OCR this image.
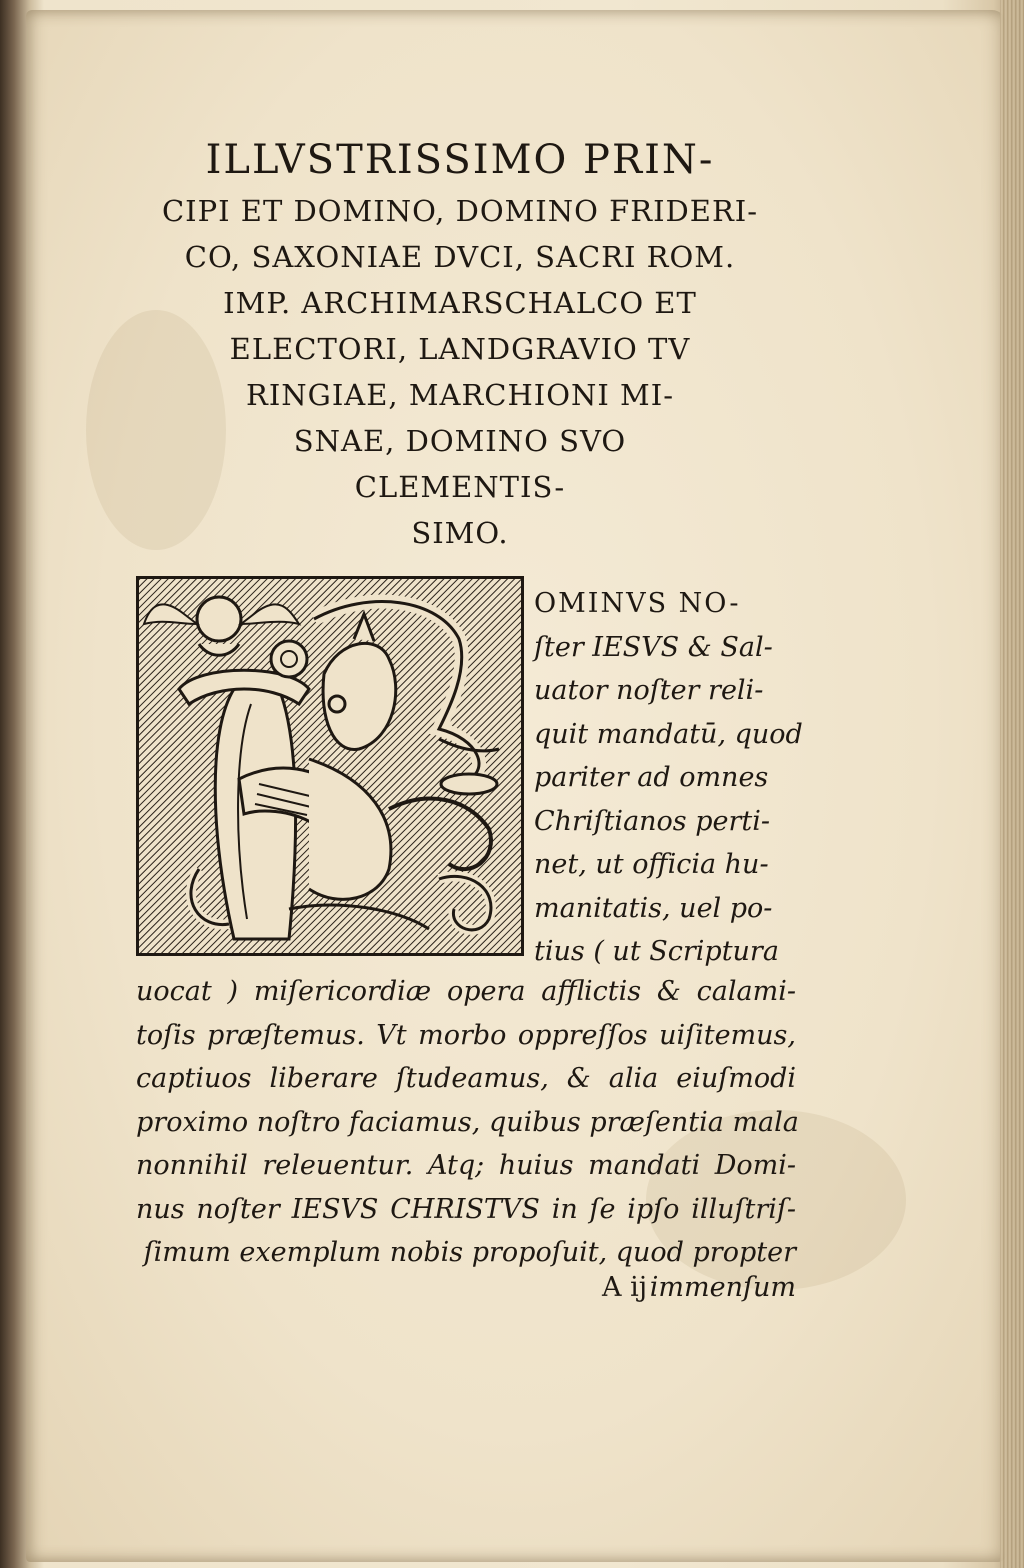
ILLVSTRISSIMO PRIN-
CIPI ET DOMINO, DOMINO FRIDERI-
CO, SAXONIAE DVCI, SACRI ROM.
IMP. ARCHIMARSCHALCO ET
ELECTORI, LANDGRAVIO TV
RINGIAE, MARCHIONI MI-
SNAE, DOMINO SVO
CLEMENTIS-
SIMO.
OMINVS NO-
ſter IESVS & Sal-
uator noſter reli-
quit mandatū, quod
pariter ad omnes
Chriſtianos perti-
net, ut officia hu-
manitatis, uel po-
tius ( ut Scriptura
uocat ) miſericordiæ opera afflictis & calami-
toſis præſtemus. Vt morbo oppreſſos uiſitemus,
captiuos liberare ſtudeamus, & alia eiuſmodi
proximo noſtro faciamus, quibus præſentia mala
nonnihil releuentur. Atq; huius mandati Domi-
nus noſter IESVS CHRISTVS in ſe ipſo illuſtriſ-
ſimum exemplum nobis propoſuit, quod propter
A ij immenſum
